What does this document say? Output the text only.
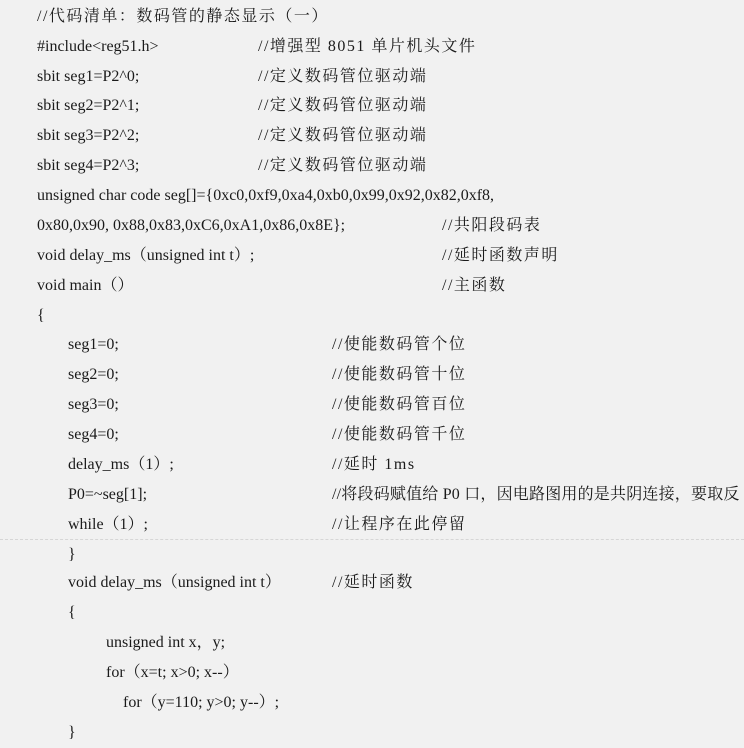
//代码清单：数码管的静态显示（一）
#include<reg51.h>	//增强型 8051 单片机头文件
sbit seg1=P2^0;	//定义数码管位驱动端
sbit seg2=P2^1;	//定义数码管位驱动端
sbit seg3=P2^2;	//定义数码管位驱动端
sbit seg4=P2^3;	//定义数码管位驱动端
unsigned char code seg[]={0xc0,0xf9,0xa4,0xb0,0x99,0x92,0x82,0xf8,
0x80,0x90, 0x88,0x83,0xC6,0xA1,0x86,0x8E};	//共阳段码表
void delay_ms（unsigned int t）;	//延时函数声明
void main（）	//主函数
{
seg1=0;	//使能数码管个位
seg2=0;	//使能数码管十位
seg3=0;	//使能数码管百位
seg4=0;	//使能数码管千位
delay_ms（1）;	//延时 1ms
P0=~seg[1];	//将段码赋值给 P0 口，因电路图用的是共阴连接，要取反
while（1）;	//让程序在此停留
}
void delay_ms（unsigned int t）	//延时函数
{
unsigned int x，y;
for（x=t; x>0; x--）
for（y=110; y>0; y--）;
}
